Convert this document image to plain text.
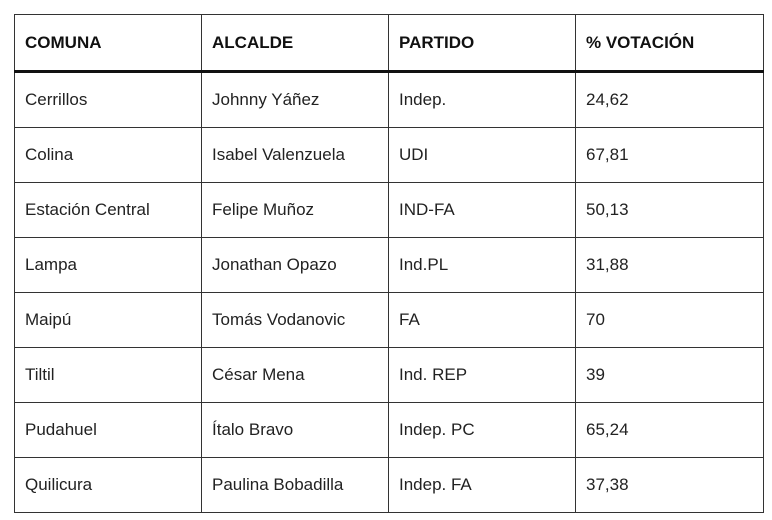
COMUNA	ALCALDE	PARTIDO	% VOTACIÓN
Cerrillos	Johnny Yáñez	Indep.	24,62
Colina	Isabel Valenzuela	UDI	67,81
Estación Central	Felipe Muñoz	IND-FA	50,13
Lampa	Jonathan Opazo	Ind.PL	31,88
Maipú	Tomás Vodanovic	FA	70
Tiltil	César Mena	Ind. REP	39
Pudahuel	Ítalo Bravo	Indep. PC	65,24
Quilicura	Paulina Bobadilla	Indep. FA	37,38
